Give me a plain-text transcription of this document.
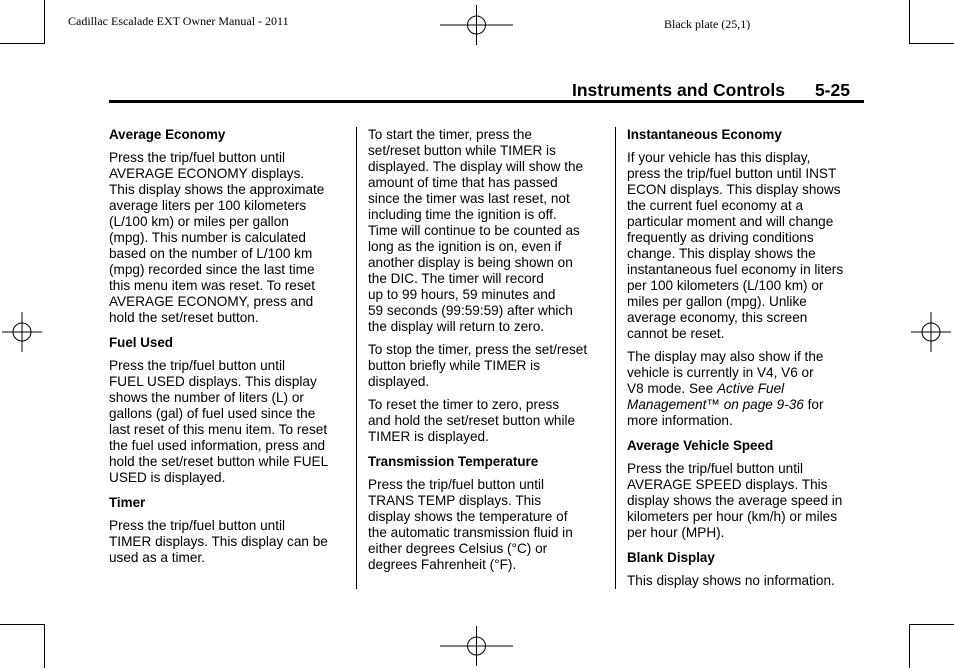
Cadillac Escalade EXT Owner Manual - 2011	Black plate (25,1)
Instruments and Controls 5-25
Average Economy

Press the trip/fuel button until
AVERAGE ECONOMY displays.
This display shows the approximate
average liters per 100 kilometers
(L/100 km) or miles per gallon
(mpg). This number is calculated
based on the number of L/100 km
(mpg) recorded since the last time
this menu item was reset. To reset
AVERAGE ECONOMY, press and
hold the set/reset button.

Fuel Used

Press the trip/fuel button until
FUEL USED displays. This display
shows the number of liters (L) or
gallons (gal) of fuel used since the
last reset of this menu item. To reset
the fuel used information, press and
hold the set/reset button while FUEL
USED is displayed.

Timer

Press the trip/fuel button until
TIMER displays. This display can be
used as a timer.

To start the timer, press the
set/reset button while TIMER is
displayed. The display will show the
amount of time that has passed
since the timer was last reset, not
including time the ignition is off.
Time will continue to be counted as
long as the ignition is on, even if
another display is being shown on
the DIC. The timer will record
up to 99 hours, 59 minutes and
59 seconds (99:59:59) after which
the display will return to zero.

To stop the timer, press the set/reset
button briefly while TIMER is
displayed.

To reset the timer to zero, press
and hold the set/reset button while
TIMER is displayed.

Transmission Temperature

Press the trip/fuel button until
TRANS TEMP displays. This
display shows the temperature of
the automatic transmission fluid in
either degrees Celsius (°C) or
degrees Fahrenheit (°F).

Instantaneous Economy

If your vehicle has this display,
press the trip/fuel button until INST
ECON displays. This display shows
the current fuel economy at a
particular moment and will change
frequently as driving conditions
change. This display shows the
instantaneous fuel economy in liters
per 100 kilometers (L/100 km) or
miles per gallon (mpg). Unlike
average economy, this screen
cannot be reset.

The display may also show if the
vehicle is currently in V4, V6 or
V8 mode. See Active Fuel
Management™ on page 9-36 for
more information.

Average Vehicle Speed

Press the trip/fuel button until
AVERAGE SPEED displays. This
display shows the average speed in
kilometers per hour (km/h) or miles
per hour (MPH).

Blank Display

This display shows no information.
